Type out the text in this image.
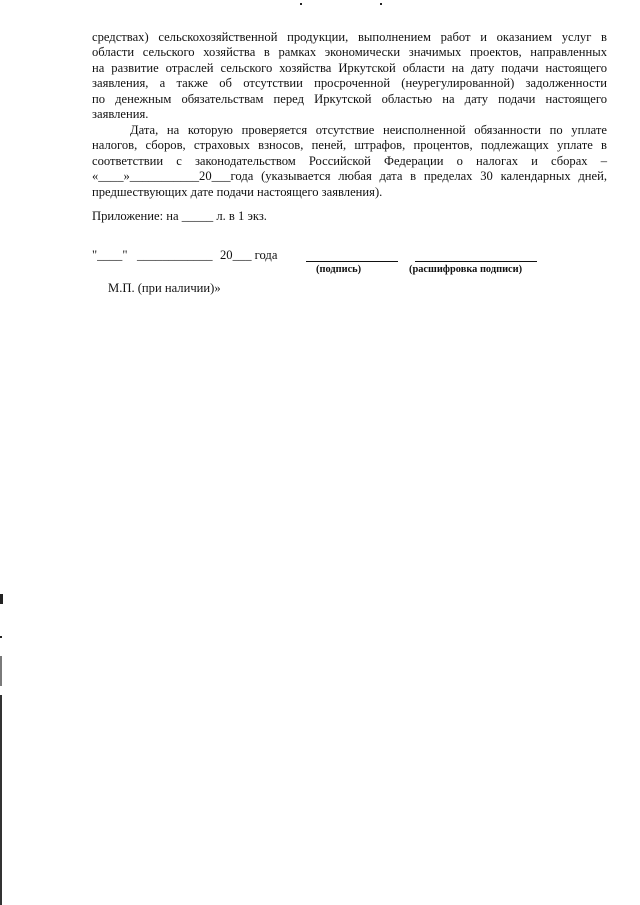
средствах) сельскохозяйственной продукции, выполнением работ и оказанием услуг в
области сельского хозяйства в рамках экономически значимых проектов, направленных
на развитие отраслей сельского хозяйства Иркутской области на дату подачи настоящего
заявления, а также об отсутствии просроченной (неурегулированной) задолженности
по денежным обязательствам перед Иркутской областью на дату подачи настоящего
заявления.
Дата, на которую проверяется отсутствие неисполненной обязанности по уплате
налогов, сборов, страховых взносов, пеней, штрафов, процентов, подлежащих уплате в
соответствии с законодательством Российской Федерации о налогах и сборах –
«____»___________20___года (указывается любая дата в пределах 30 календарных дней,
предшествующих дате подачи настоящего заявления).
Приложение: на _____ л. в 1 экз.
"____" ____________ 20___ года
(подпись)	(расшифровка подписи)
М.П. (при наличии)»
